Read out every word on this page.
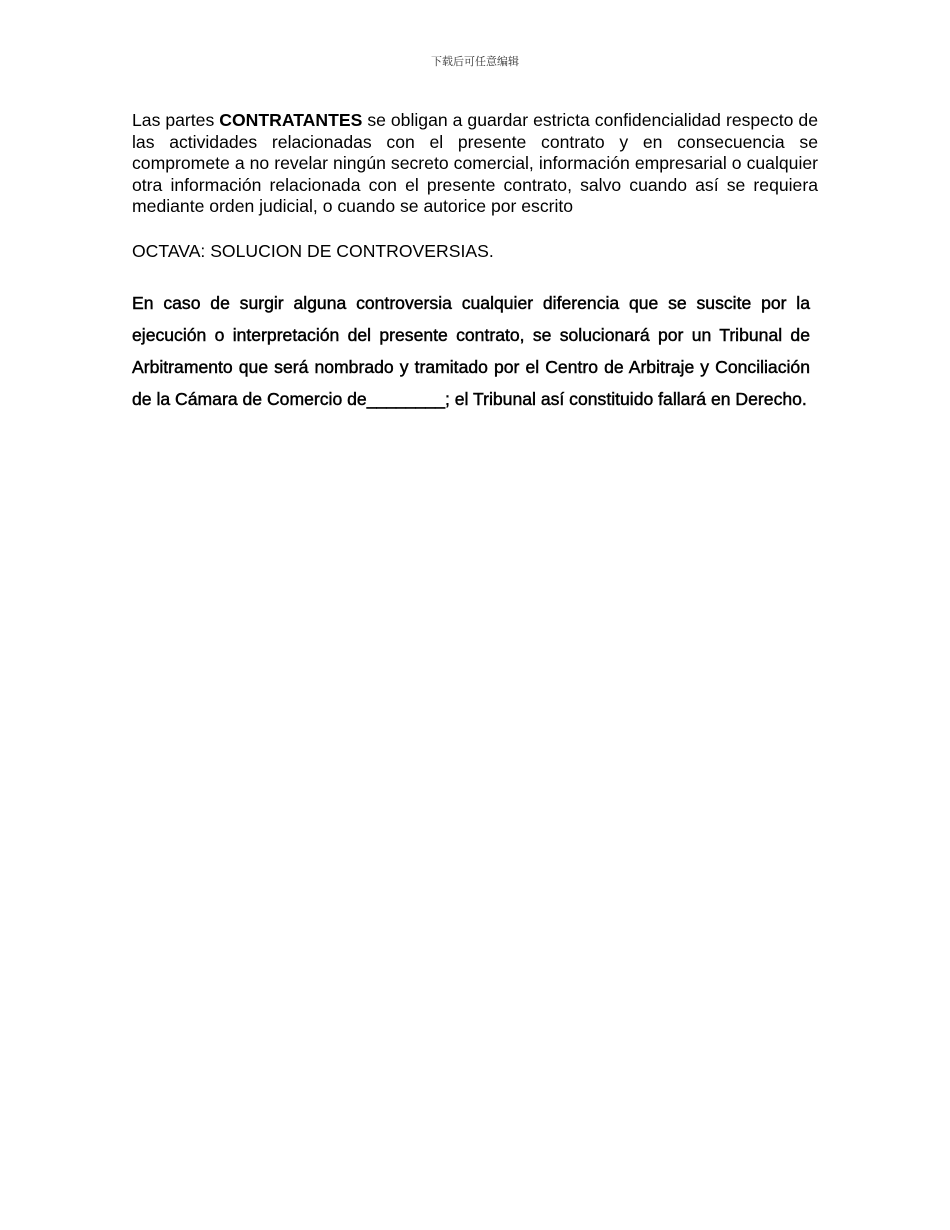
下载后可任意编辑

Las partes CONTRATANTES se obligan a guardar estricta confidencialidad respecto de las actividades relacionadas con el presente contrato y en consecuencia se compromete a no revelar ningún secreto comercial, información empresarial o cualquier otra información relacionada con el presente contrato, salvo cuando así se requiera mediante orden judicial, o cuando se autorice por escrito

OCTAVA: SOLUCION DE CONTROVERSIAS.

En caso de surgir alguna controversia cualquier diferencia que se suscite por la ejecución o interpretación del presente contrato, se solucionará por un Tribunal de Arbitramento que será nombrado y tramitado por el Centro de Arbitraje y Conciliación de la Cámara de Comercio de________; el Tribunal así constituido fallará en Derecho.
